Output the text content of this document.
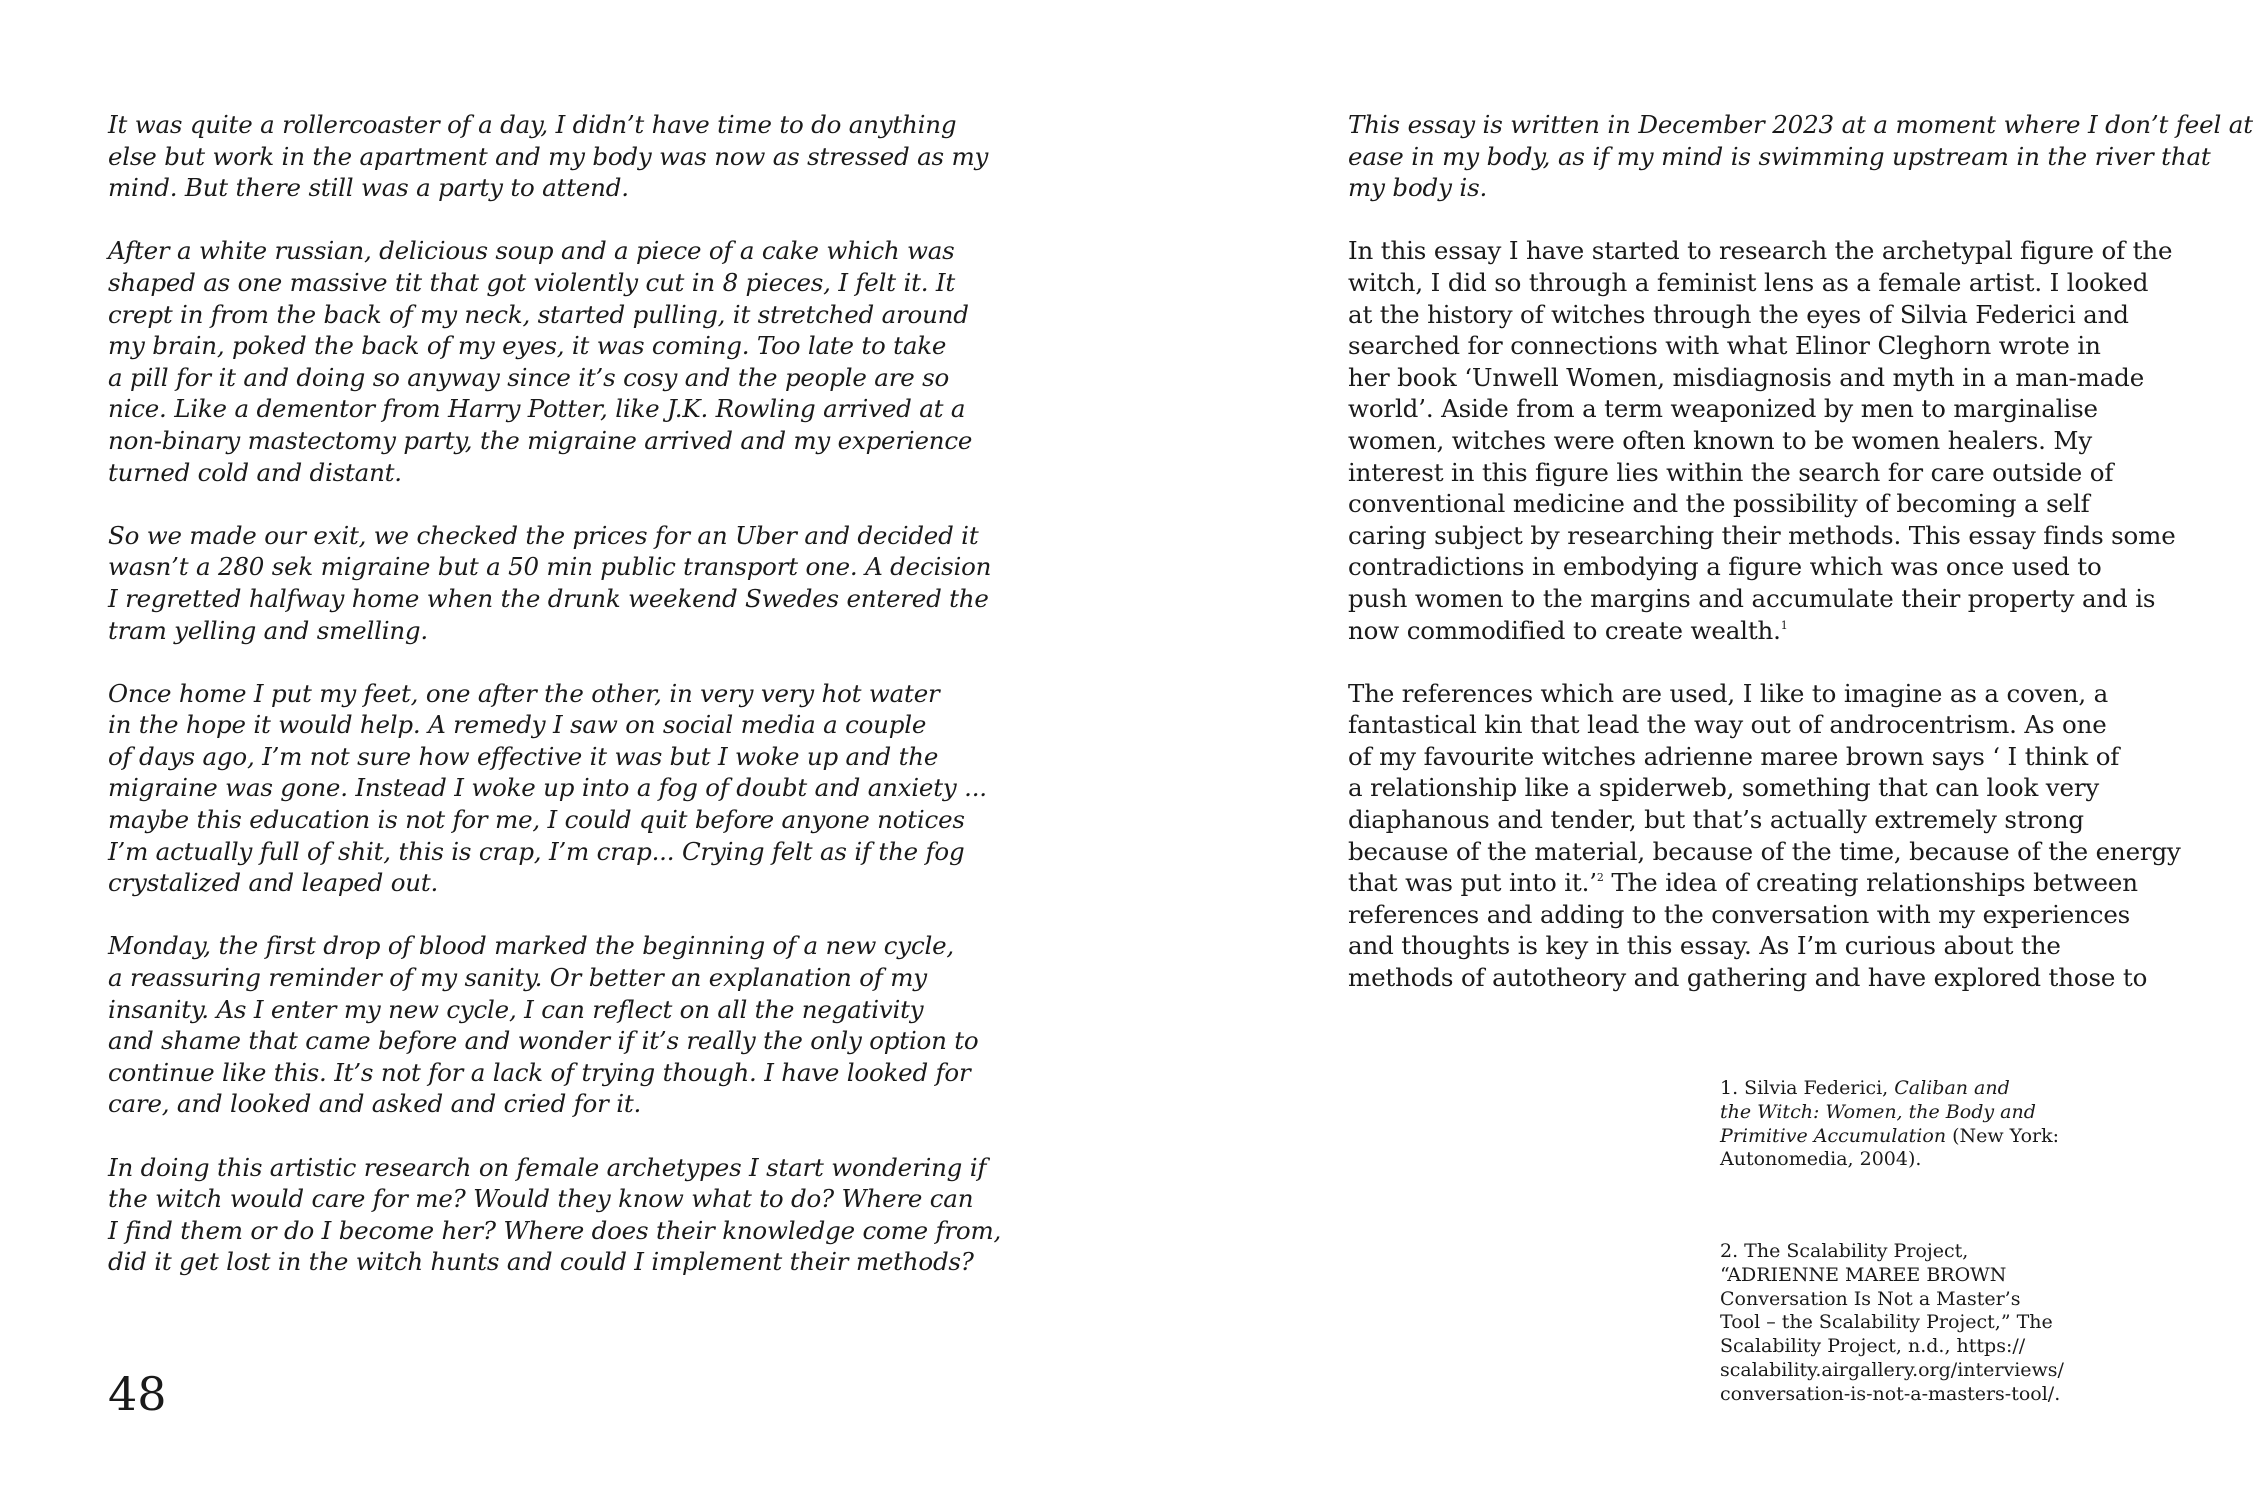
It was quite a rollercoaster of a day, I didn’t have time to do anything
else but work in the apartment and my body was now as stressed as my
mind. But there still was a party to attend.

After a white russian, delicious soup and a piece of a cake which was
shaped as one massive tit that got violently cut in 8 pieces, I felt it. It
crept in from the back of my neck, started pulling, it stretched around
my brain, poked the back of my eyes, it was coming. Too late to take
a pill for it and doing so anyway since it’s cosy and the people are so
nice. Like a dementor from Harry Potter, like J.K. Rowling arrived at a
non-binary mastectomy party, the migraine arrived and my experience
turned cold and distant.

So we made our exit, we checked the prices for an Uber and decided it
wasn’t a 280 sek migraine but a 50 min public transport one. A decision
I regretted halfway home when the drunk weekend Swedes entered the
tram yelling and smelling.

Once home I put my feet, one after the other, in very very hot water
in the hope it would help. A remedy I saw on social media a couple
of days ago, I’m not sure how effective it was but I woke up and the
migraine was gone. Instead I woke up into a fog of doubt and anxiety ...
maybe this education is not for me, I could quit before anyone notices
I’m actually full of shit, this is crap, I’m crap... Crying felt as if the fog
crystalized and leaped out.

Monday, the first drop of blood marked the beginning of a new cycle,
a reassuring reminder of my sanity. Or better an explanation of my
insanity. As I enter my new cycle, I can reflect on all the negativity
and shame that came before and wonder if it’s really the only option to
continue like this. It’s not for a lack of trying though. I have looked for
care, and looked and asked and cried for it.

In doing this artistic research on female archetypes I start wondering if
the witch would care for me? Would they know what to do? Where can
I find them or do I become her? Where does their knowledge come from,
did it get lost in the witch hunts and could I implement their methods?

48

This essay is written in December 2023 at a moment where I don’t feel at
ease in my body, as if my mind is swimming upstream in the river that
my body is.

In this essay I have started to research the archetypal figure of the
witch, I did so through a feminist lens as a female artist. I looked
at the history of witches through the eyes of Silvia Federici and
searched for connections with what Elinor Cleghorn wrote in
her book ‘Unwell Women, misdiagnosis and myth in a man-made
world’. Aside from a term weaponized by men to marginalise
women, witches were often known to be women healers. My
interest in this figure lies within the search for care outside of
conventional medicine and the possibility of becoming a self
caring subject by researching their methods. This essay finds some
contradictions in embodying a figure which was once used to
push women to the margins and accumulate their property and is
now commodified to create wealth.$^1$

The references which are used, I like to imagine as a coven, a
fantastical kin that lead the way out of androcentrism. As one
of my favourite witches adrienne maree brown says ‘ I think of
a relationship like a spiderweb, something that can look very
diaphanous and tender, but that’s actually extremely strong
because of the material, because of the time, because of the energy
that was put into it.’$^2$ The idea of creating relationships between
references and adding to the conversation with my experiences
and thoughts is key in this essay. As I’m curious about the
methods of autotheory and gathering and have explored those to

1. Silvia Federici, Caliban and
the Witch: Women, the Body and
Primitive Accumulation (New York:
Autonomedia, 2004).
2. The Scalability Project,
“ADRIENNE MAREE BROWN
Conversation Is Not a Master’s
Tool – the Scalability Project,” The
Scalability Project, n.d., https://
scalability.airgallery.org/interviews/
conversation-is-not-a-masters-tool/.
